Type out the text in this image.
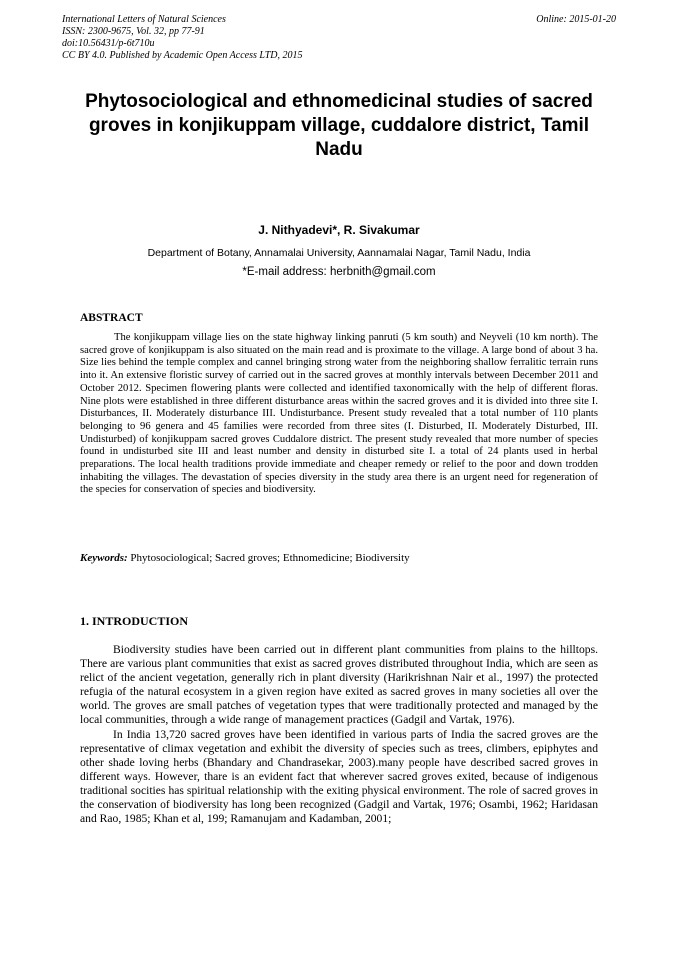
International Letters of Natural Sciences
ISSN: 2300-9675, Vol. 32, pp 77-91
doi:10.56431/p-6t710u
CC BY 4.0. Published by Academic Open Access LTD, 2015
Online: 2015-01-20
Phytosociological and ethnomedicinal studies of sacred groves in konjikuppam village, cuddalore district, Tamil Nadu
J. Nithyadevi*, R. Sivakumar
Department of Botany, Annamalai University, Aannamalai Nagar, Tamil Nadu, India
*E-mail address: herbnith@gmail.com
ABSTRACT

The konjikuppam village lies on the state highway linking panruti (5 km south) and Neyveli (10 km north). The sacred grove of konjikuppam is also situated on the main read and is proximate to the village. A large bond of about 3 ha. Size lies behind the temple complex and cannel bringing strong water from the neighboring shallow ferralitic terrain runs into it. An extensive floristic survey of carried out in the sacred groves at monthly intervals between December 2011 and October 2012. Specimen flowering plants were collected and identified taxonomically with the help of different floras. Nine plots were established in three different disturbance areas within the sacred groves and it is divided into three site I. Disturbances, II. Moderately disturbance III. Undisturbance. Present study revealed that a total number of 110 plants belonging to 96 genera and 45 families were recorded from three sites (I. Disturbed, II. Moderately Disturbed, III. Undisturbed) of konjikuppam sacred groves Cuddalore district. The present study revealed that more number of species found in undisturbed site III and least number and density in disturbed site I. a total of 24 plants used in herbal preparations. The local health traditions provide immediate and cheaper remedy or relief to the poor and down trodden inhabiting the villages. The devastation of species diversity in the study area there is an urgent need for regeneration of the species for conservation of species and biodiversity.

Keywords: Phytosociological; Sacred groves; Ethnomedicine; Biodiversity
1. INTRODUCTION

Biodiversity studies have been carried out in different plant communities from plains to the hilltops. There are various plant communities that exist as sacred groves distributed throughout India, which are seen as relict of the ancient vegetation, generally rich in plant diversity (Harikrishnan Nair et al., 1997) the protected refugia of the natural ecosystem in a given region have exited as sacred groves in many societies all over the world. The groves are small patches of vegetation types that were traditionally protected and managed by the local communities, through a wide range of management practices (Gadgil and Vartak, 1976).

In India 13,720 sacred groves have been identified in various parts of India the sacred groves are the representative of climax vegetation and exhibit the diversity of species such as trees, climbers, epiphytes and other shade loving herbs (Bhandary and Chandrasekar, 2003).many people have described sacred groves in different ways. However, thare is an evident fact that wherever sacred groves exited, because of indigenous traditional socities has spiritual relationship with the exiting physical environment. The role of sacred groves in the conservation of biodiversity has long been recognized (Gadgil and Vartak, 1976; Osambi, 1962; Haridasan and Rao, 1985; Khan et al, 199; Ramanujam and Kadamban, 2001;
